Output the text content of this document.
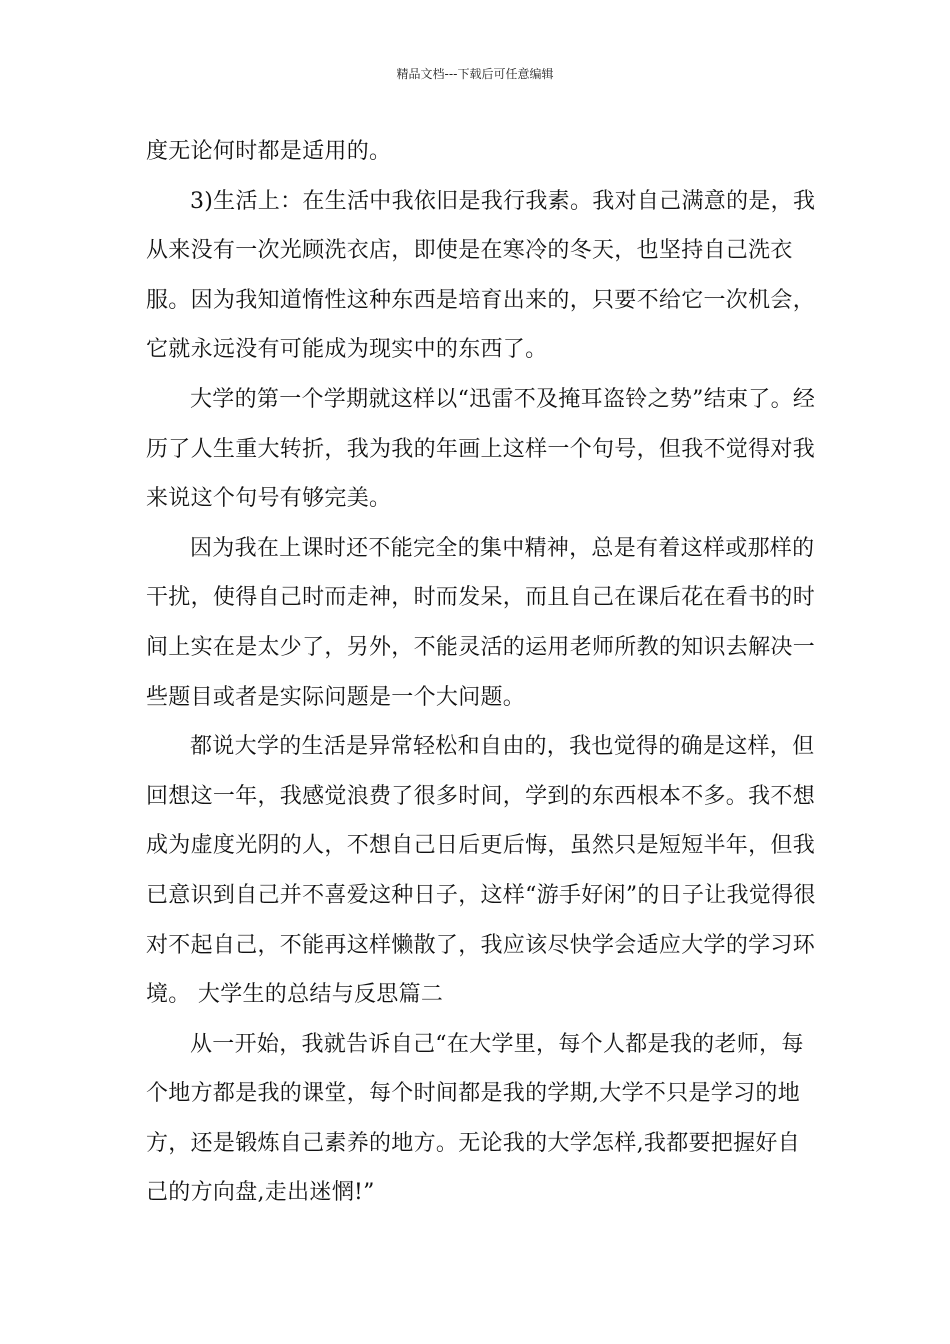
精品文档---下载后可任意编辑

度无论何时都是适用的。

3)生活上：在生活中我依旧是我行我素。我对自己满意的是，我从来没有一次光顾洗衣店，即使是在寒冷的冬天，也坚持自己洗衣服。因为我知道惰性这种东西是培育出来的，只要不给它一次机会，它就永远没有可能成为现实中的东西了。

大学的第一个学期就这样以“迅雷不及掩耳盗铃之势”结束了。经历了人生重大转折，我为我的年画上这样一个句号，但我不觉得对我来说这个句号有够完美。

因为我在上课时还不能完全的集中精神，总是有着这样或那样的干扰，使得自己时而走神，时而发呆，而且自己在课后花在看书的时间上实在是太少了，另外，不能灵活的运用老师所教的知识去解决一些题目或者是实际问题是一个大问题。

都说大学的生活是异常轻松和自由的，我也觉得的确是这样，但回想这一年，我感觉浪费了很多时间，学到的东西根本不多。我不想成为虚度光阴的人，不想自己日后更后悔，虽然只是短短半年，但我已意识到自己并不喜爱这种日子，这样“游手好闲”的日子让我觉得很对不起自己，不能再这样懒散了，我应该尽快学会适应大学的学习环境。 大学生的总结与反思篇二

从一开始，我就告诉自己“在大学里，每个人都是我的老师，每个地方都是我的课堂，每个时间都是我的学期,大学不只是学习的地方，还是锻炼自己素养的地方。无论我的大学怎样,我都要把握好自己的方向盘,走出迷惘!”
